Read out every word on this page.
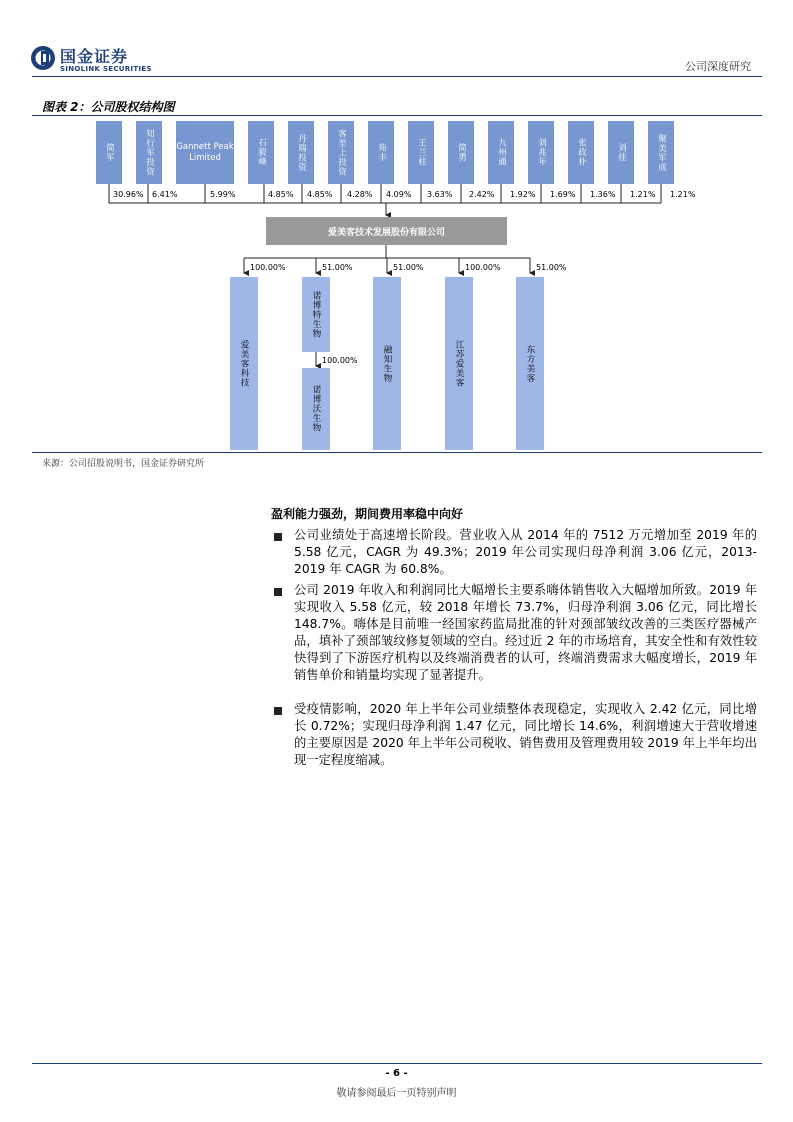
国金证券
SINOLINK SECURITIES	公司深度研究
图表 2：公司股权结构图
简军	知行军投资	Gannett Peak Limited	石毅峰	丹瑞投资	客至上投资	苑丰	王兰柱	简勇	九州通	刘兆年	张政朴	刘佳	聚美军成
30.96% 6.41%	5.99%	4.85% 4.85% 4.28% 4.09% 3.63% 2.42% 1.92% 1.69% 1.36% 1.21% 1.21%
爱美客技术发展股份有限公司
100.00%	51.00%	51.00%	100.00%	51.00%
爱美客科技
诺博特生物
融知生物	江苏爱美客	东方美客
100.00%
诺博沃生物
来源：公司招股说明书，国金证券研究所
盈利能力强劲，期间费用率稳中向好
公司业绩处于高速增长阶段。营业收入从 2014 年的 7512 万元增加至 2019 年的 5.58 亿元，CAGR 为 49.3%；2019 年公司实现归母净利润 3.06 亿元，2013-2019 年 CAGR 为 60.8%。
公司 2019 年收入和利润同比大幅增长主要系嗨体销售收入大幅增加所致。2019 年实现收入 5.58 亿元，较 2018 年增长 73.7%，归母净利润 3.06 亿元，同比增长 148.7%。嗨体是目前唯一经国家药监局批准的针对颈部皱纹改善的三类医疗器械产品，填补了颈部皱纹修复领域的空白。经过近 2 年的市场培育，其安全性和有效性较快得到了下游医疗机构以及终端消费者的认可，终端消费需求大幅度增长，2019 年销售单价和销量均实现了显著提升。
受疫情影响，2020 年上半年公司业绩整体表现稳定，实现收入 2.42 亿元，同比增长 0.72%；实现归母净利润 1.47 亿元，同比增长 14.6%，利润增速大于营收增速的主要原因是 2020 年上半年公司税收、销售费用及管理费用较 2019 年上半年均出现一定程度缩减。
- 6 -
敬请参阅最后一页特别声明
